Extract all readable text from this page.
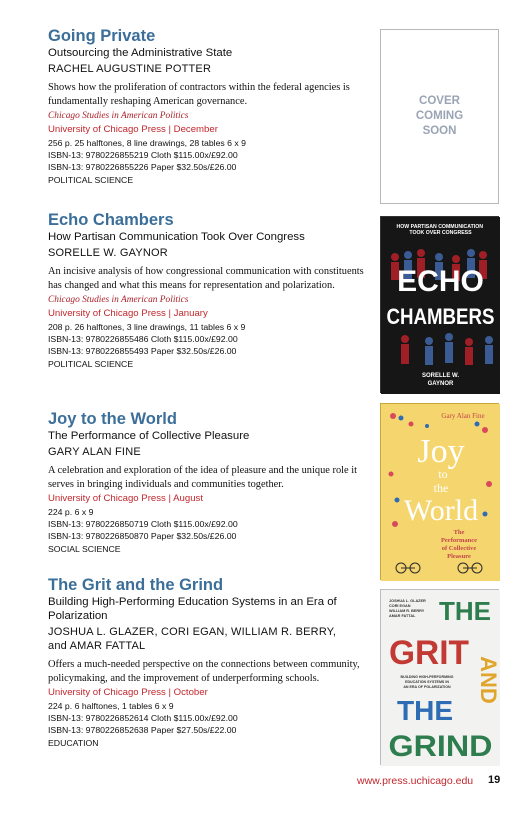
Going Private
Outsourcing the Administrative State
RACHEL AUGUSTINE POTTER
Shows how the proliferation of contractors within the federal agencies is fundamentally reshaping American governance.
Chicago Studies in American Politics
University of Chicago Press | December
256 p. 25 halftones, 8 line drawings, 28 tables 6 x 9
ISBN-13: 9780226855219 Cloth $115.00x/£92.00
ISBN-13: 9780226855226 Paper $32.50s/£26.00
POLITICAL SCIENCE
Echo Chambers
How Partisan Communication Took Over Congress
SORELLE W. GAYNOR
An incisive analysis of how congressional communication with constituents has changed and what this means for representation and polarization.
Chicago Studies in American Politics
University of Chicago Press | January
208 p. 26 halftones, 3 line drawings, 11 tables 6 x 9
ISBN-13: 9780226855486 Cloth $115.00x/£92.00
ISBN-13: 9780226855493 Paper $32.50s/£26.00
POLITICAL SCIENCE
Joy to the World
The Performance of Collective Pleasure
GARY ALAN FINE
A celebration and exploration of the idea of pleasure and the unique role it serves in bringing individuals and communities together.
University of Chicago Press | August
224 p. 6 x 9
ISBN-13: 9780226850719 Cloth $115.00x/£92.00
ISBN-13: 9780226850870 Paper $32.50s/£26.00
SOCIAL SCIENCE
The Grit and the Grind
Building High-Performing Education Systems in an Era of Polarization
JOSHUA L. GLAZER, CORI EGAN, WILLIAM R. BERRY, and AMAR FATTAL
Offers a much-needed perspective on the connections between community, policymaking, and the improvement of underperforming schools.
University of Chicago Press | October
224 p. 6 halftones, 1 tables 6 x 9
ISBN-13: 9780226852614 Cloth $115.00x/£92.00
ISBN-13: 9780226852638 Paper $27.50s/£22.00
EDUCATION
COVER COMING SOON
HOW PARTISAN COMMUNICATION TOOK OVER CONGRESS
ECHO
CHAMBERS
SORELLE W.
GAYNOR
Gary Alan Fine
Joy
to
the
World
The
Performance
of Collective
Pleasure
JOSHUA L. GLAZER
CORI EGAN
WILLIAM R. BERRY
AMAR FATTAL THE
GRIT
BUILDING HIGH-PERFORMING
EDUCATION SYSTEMS IN
AN ERA OF POLARIZATION AND
THE
GRIND
www.press.uchicago.edu 19
